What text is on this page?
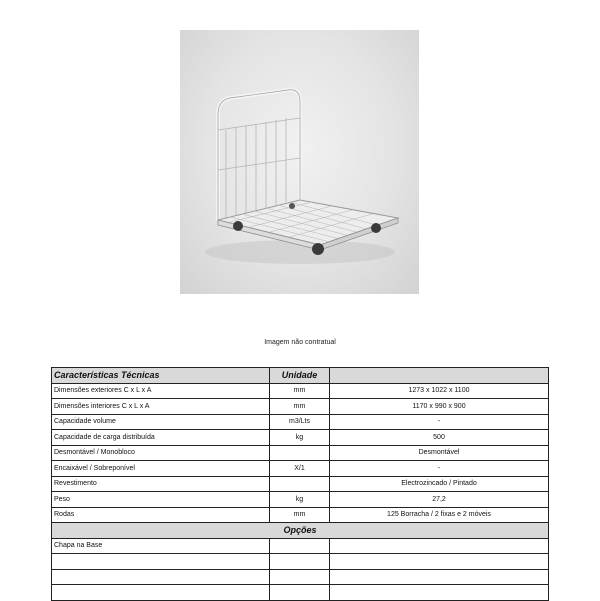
Imagem não contratual
Características Técnicas	Unidade	
Dimensões exteriores C x L x A	mm	1273 x 1022 x 1100
Dimensões interiores C x L x A	mm	1170 x 990 x 900
Capacidade volume	m3/Lts	-
Capacidade de carga distribuída	kg	500
Desmontável / Monobloco		Desmontável
Encaixável / Sobreponível	X/1	-
Revestimento		Electrozincado / Pintado
Peso	kg	27,2
Rodas	mm	125 Borracha / 2 fixas e 2 móveis
Opções		
Chapa na Base		
